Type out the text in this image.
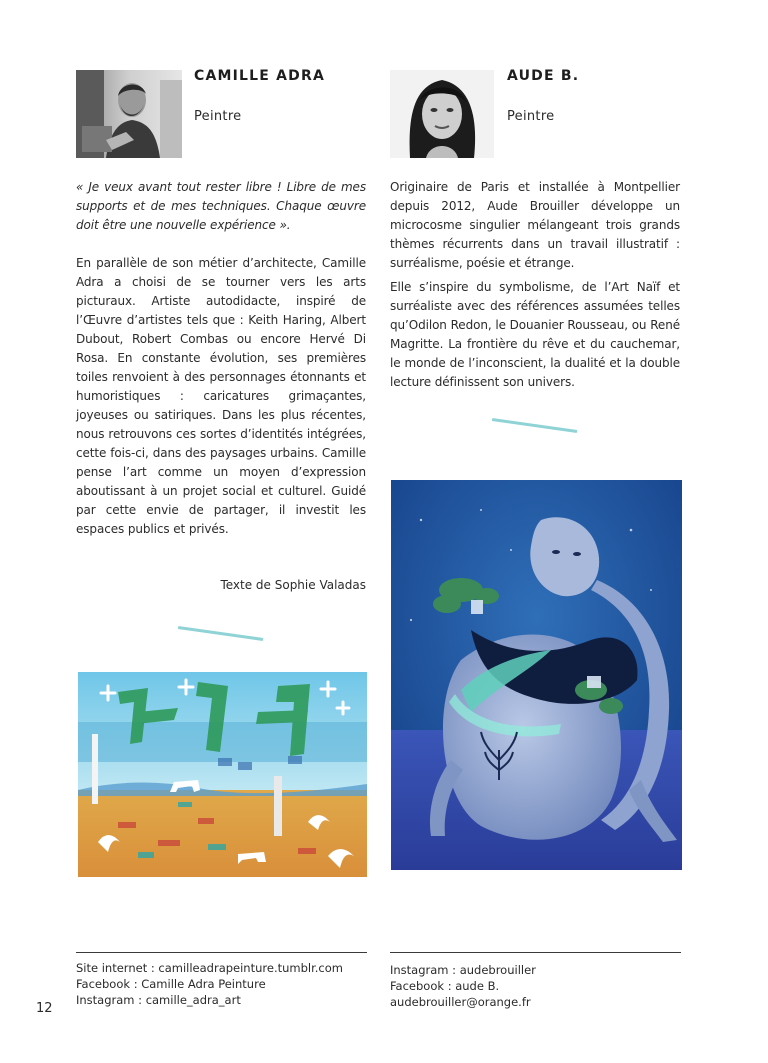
CAMILLE ADRA
Peintre
AUDE B.
Peintre

« Je veux avant tout rester libre ! Libre de mes supports et de mes techniques. Chaque œuvre doit être une nouvelle expérience ».

En parallèle de son métier d’architecte, Camille Adra a choisi de se tourner vers les arts picturaux. Artiste autodidacte, inspiré de l’Œuvre d’artistes tels que : Keith Haring, Albert Dubout, Robert Combas ou encore Hervé Di Rosa. En constante évolution, ses premières toiles renvoient à des personnages étonnants et humoristiques : caricatures grimaçantes, joyeuses ou satiriques. Dans les plus récentes, nous retrouvons ces sortes d’identités intégrées, cette fois-ci, dans des paysages urbains. Camille pense l’art comme un moyen d’expression aboutissant à un projet social et culturel. Guidé par cette envie de partager, il investit les espaces publics et privés.

Texte de Sophie Valadas

Originaire de Paris et installée à Montpellier depuis 2012, Aude Brouiller développe un microcosme singulier mélangeant trois grands thèmes récurrents dans un travail illustratif : surréalisme, poésie et étrange.

Elle s’inspire du symbolisme, de l’Art Naïf et surréaliste avec des références assumées telles qu’Odilon Redon, le Douanier Rousseau, ou René Magritte. La frontière du rêve et du cauchemar, le monde de l’inconscient, la dualité et la double lecture définissent son univers.

Site internet : camilleadrapeinture.tumblr.com
Facebook : Camille Adra Peinture
Instagram : camille_adra_art
Instagram : audebrouiller
Facebook : aude B.
audebrouiller@orange.fr
12
